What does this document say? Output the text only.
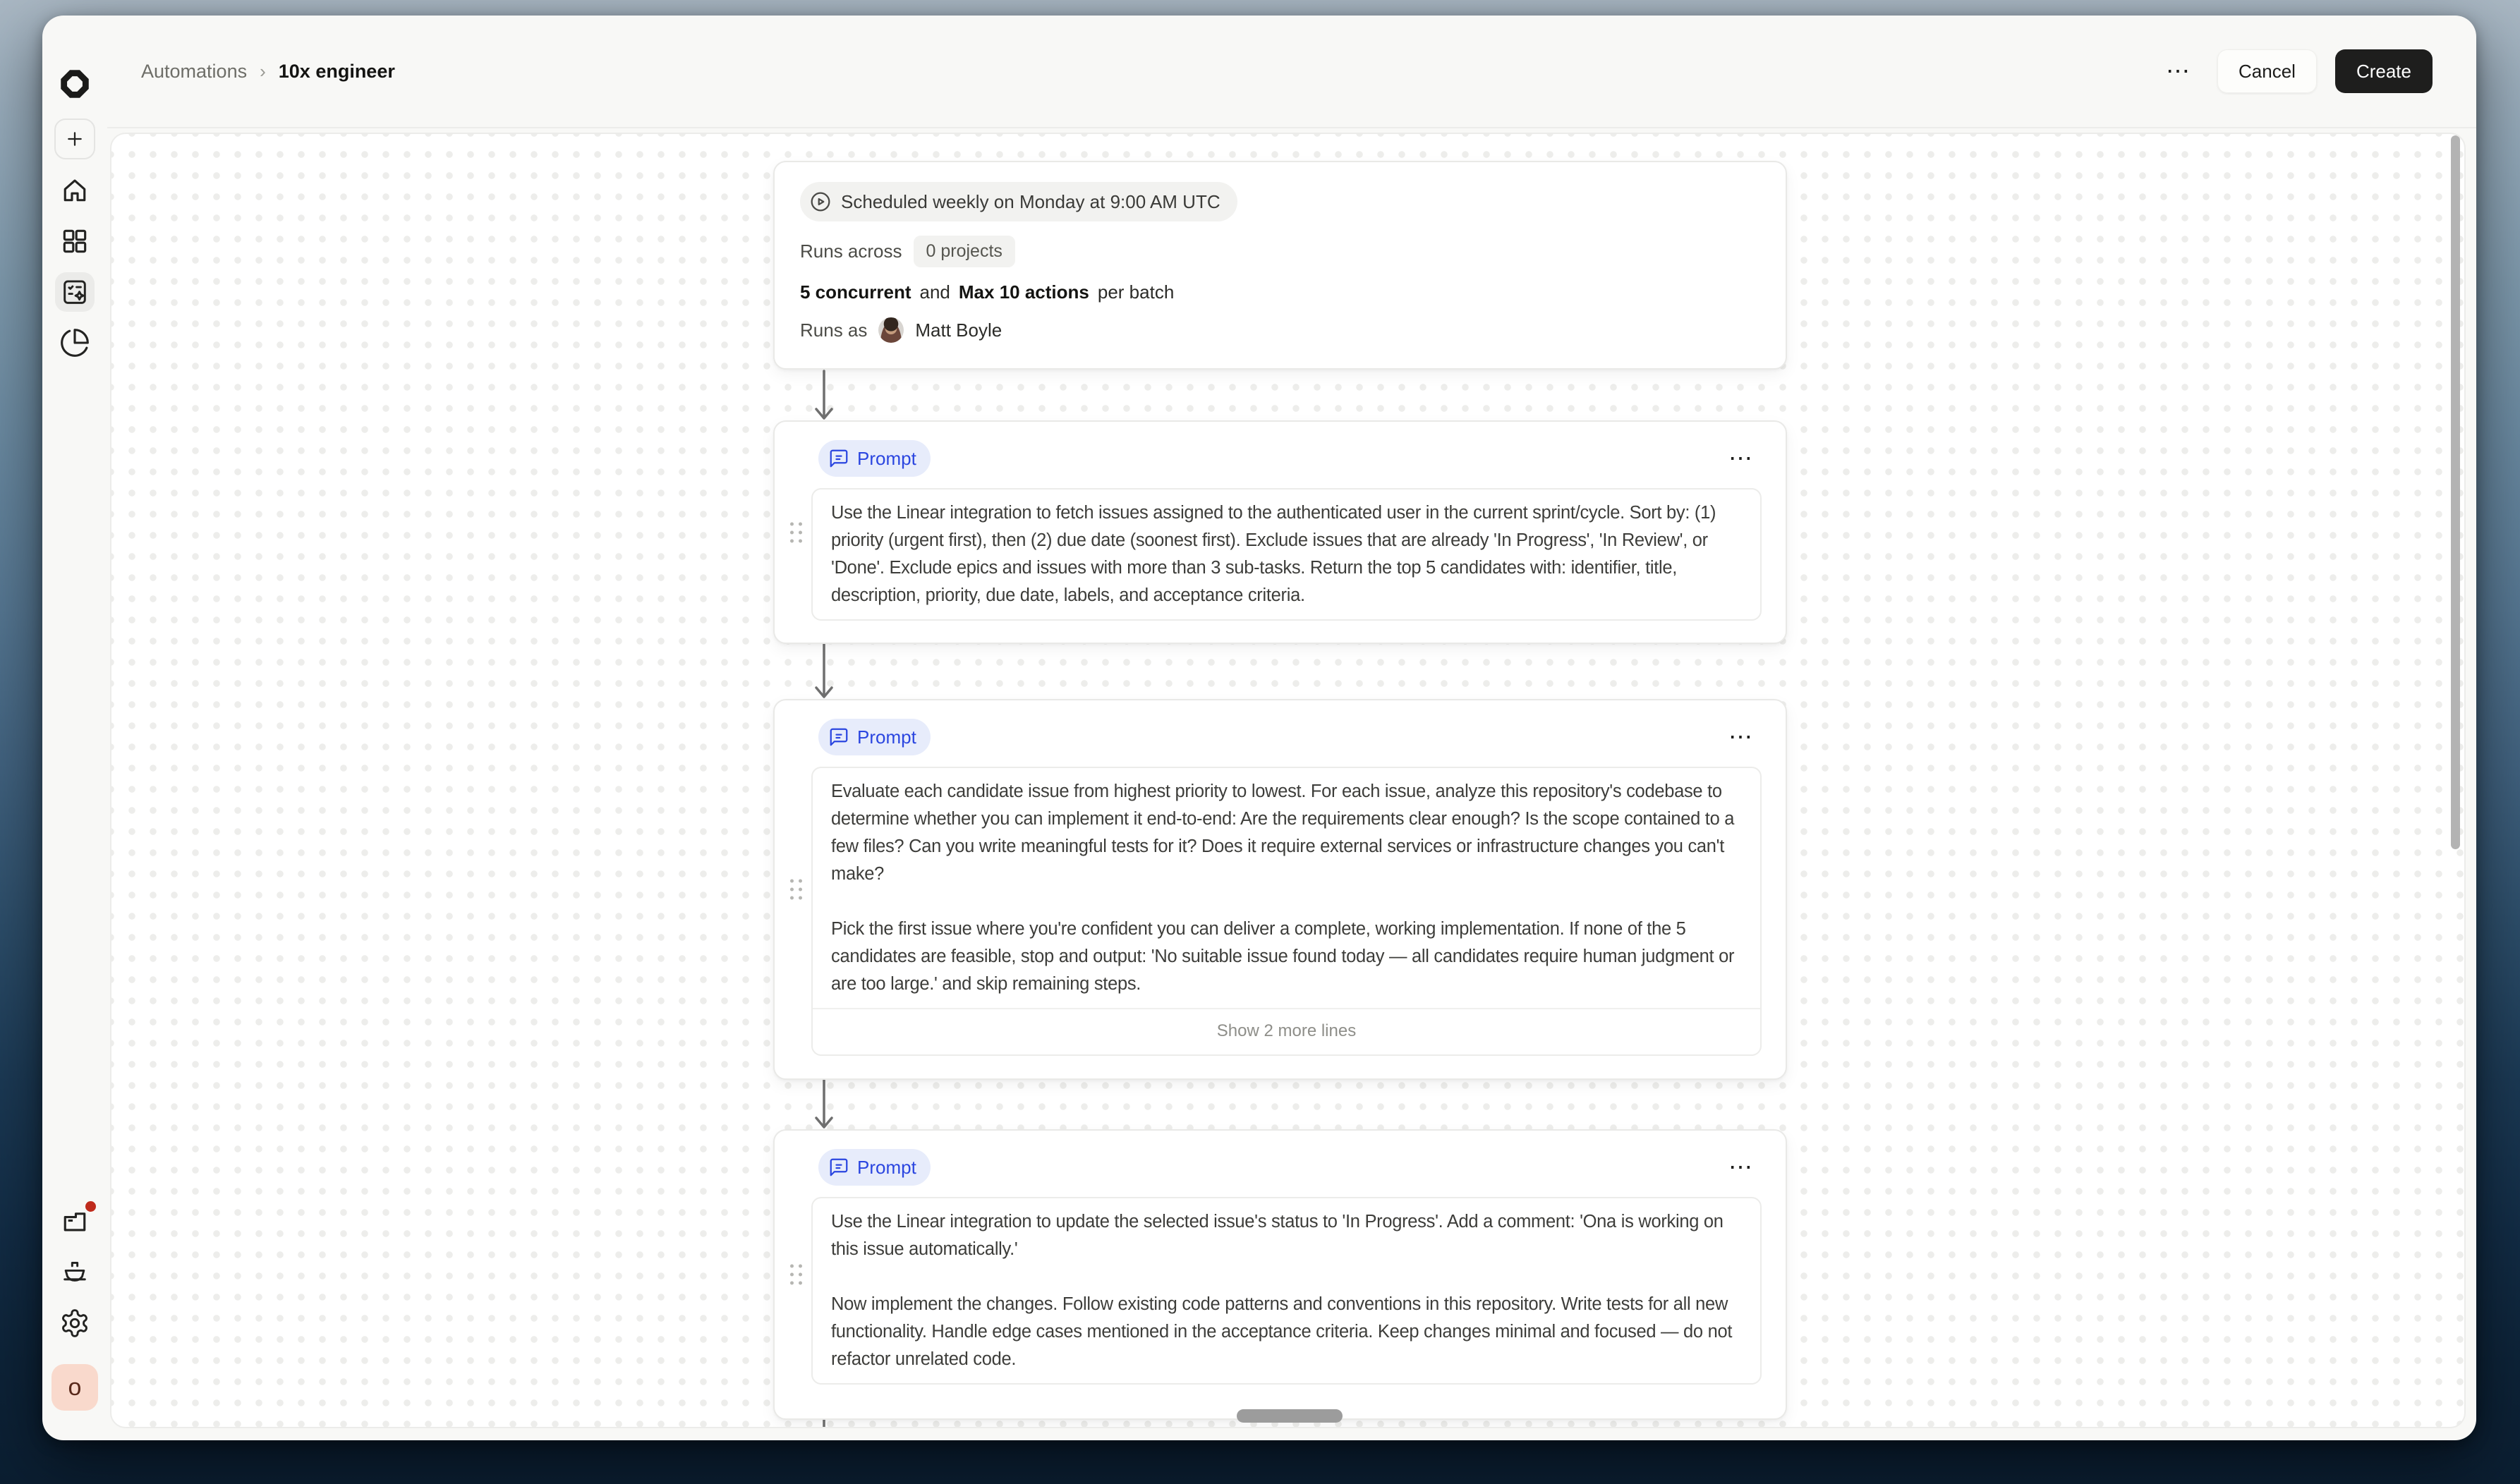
o
Automations › 10x engineer	⋯	Cancel	Create
Scheduled weekly on Monday at 9:00 AM UTC
Runs across	0 projects
5 concurrent and Max 10 actions per batch
Runs as	Matt Boyle
Prompt	⋯

Use the Linear integration to fetch issues assigned to the authenticated user in the current sprint/cycle. Sort by: (1) priority (urgent first), then (2) due date (soonest first). Exclude issues that are already 'In Progress', 'In Review', or 'Done'. Exclude epics and issues with more than 3 sub-tasks. Return the top 5 candidates with: identifier, title, description, priority, due date, labels, and acceptance criteria.

Prompt	⋯

Evaluate each candidate issue from highest priority to lowest. For each issue, analyze this repository's codebase to determine whether you can implement it end-to-end: Are the requirements clear enough? Is the scope contained to a few files? Can you write meaningful tests for it? Does it require external services or infrastructure changes you can't make?

Pick the first issue where you're confident you can deliver a complete, working implementation. If none of the 5 candidates are feasible, stop and output: 'No suitable issue found today — all candidates require human judgment or are too large.' and skip remaining steps.

Show 2 more lines
Prompt	⋯

Use the Linear integration to update the selected issue's status to 'In Progress'. Add a comment: 'Ona is working on this issue automatically.'

Now implement the changes. Follow existing code patterns and conventions in this repository. Write tests for all new functionality. Handle edge cases mentioned in the acceptance criteria. Keep changes minimal and focused — do not refactor unrelated code.
